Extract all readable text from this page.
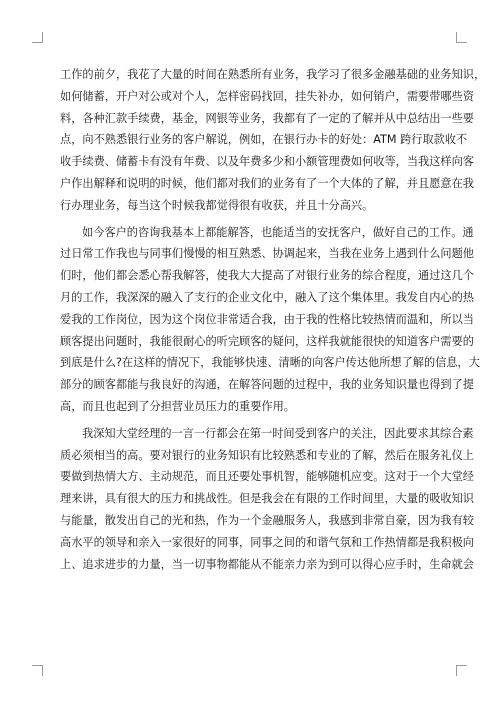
工作的前夕，我花了大量的时间在熟悉所有业务，我学习了很多金融基础的业务知识，
如何储蓄，开户对公或对个人，怎样密码找回，挂失补办，如何销户，需要带哪些资
料，各种汇款手续费，基金，网银等业务，我都有了一定的了解并从中总结出一些要
点，向不熟悉银行业务的客户解说，例如，在银行办卡的好处：ATM 跨行取款收不
收手续费、储蓄卡有没有年费、以及年费多少和小额管理费如何收等，当我这样向客
户作出解释和说明的时候，他们都对我们的业务有了一个大体的了解，并且愿意在我
行办理业务，每当这个时候我都觉得很有收获，并且十分高兴。
如今客户的咨询我基本上都能解答，也能适当的安抚客户，做好自己的工作。通
过日常工作我也与同事们慢慢的相互熟悉、协调起来，当我在业务上遇到什么问题他
们时，他们都会悉心帮我解答，使我大大提高了对银行业务的综合程度，通过这几个
月的工作，我深深的融入了支行的企业文化中，融入了这个集体里。我发自内心的热
爱我的工作岗位，因为这个岗位非常适合我，由于我的性格比较热情而温和，所以当
顾客提出问题时，我能很耐心的听完顾客的疑问，这样我就能很快的知道客户需要的
到底是什么?在这样的情况下，我能够快速、清晰的向客户传达他所想了解的信息，大
部分的顾客都能与我良好的沟通，在解答问题的过程中，我的业务知识量也得到了提
高，而且也起到了分担营业员压力的重要作用。
我深知大堂经理的一言一行都会在第一时间受到客户的关注，因此要求其综合素
质必须相当的高。要对银行的业务知识有比较熟悉和专业的了解，然后在服务礼仪上
要做到热情大方、主动规范，而且还要处事机智，能够随机应变。这对于一个大堂经
理来讲，具有很大的压力和挑战性。但是我会在有限的工作时间里，大量的吸收知识
与能量，散发出自己的光和热，作为一个金融服务人，我感到非常自豪，因为我有较
高水平的领导和亲入一家很好的同事，同事之间的和谐气氛和工作热情都是我积极向
上、追求进步的力量，当一切事物都能从不能亲力亲为到可以得心应手时，生命就会
